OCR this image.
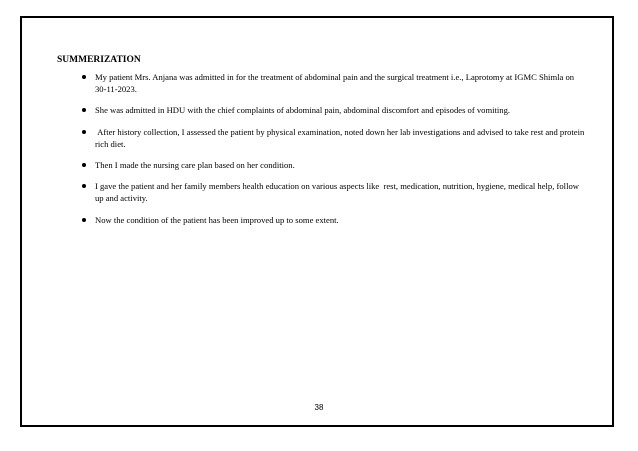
SUMMERIZATION
My patient Mrs. Anjana was admitted in for the treatment of abdominal pain and the surgical treatment i.e., Laprotomy at IGMC Shimla on 30-11-2023.
She was admitted in HDU with the chief complaints of abdominal pain, abdominal discomfort and episodes of vomiting.
After history collection, I assessed the patient by physical examination, noted down her lab investigations and advised to take rest and protein rich diet.
Then I made the nursing care plan based on her condition.
I gave the patient and her family members health education on various aspects like  rest, medication, nutrition, hygiene, medical help, follow up and activity.
Now the condition of the patient has been improved up to some extent.
38
